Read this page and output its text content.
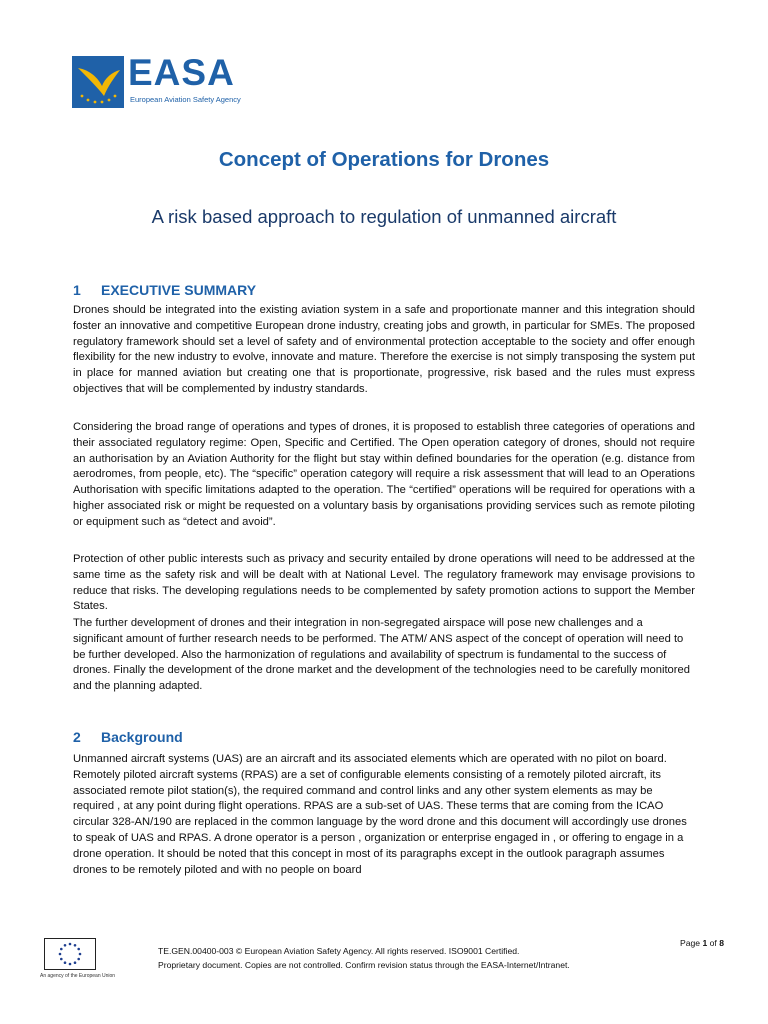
EASA
European Aviation Safety Agency
Concept of Operations for Drones
A risk based approach to regulation of unmanned aircraft
1 EXECUTIVE SUMMARY

Drones should be integrated into the existing aviation system in a safe and proportionate manner and this integration should foster an innovative and competitive European drone industry, creating jobs and growth, in particular for SMEs. The proposed regulatory framework should set a level of safety and of environmental protection acceptable to the society and offer enough flexibility for the new industry to evolve, innovate and mature. Therefore the exercise is not simply transposing the system put in place for manned aviation but creating one that is proportionate, progressive, risk based and the rules must express objectives that will be complemented by industry standards.

Considering the broad range of operations and types of drones, it is proposed to establish three categories of operations and their associated regulatory regime: Open, Specific and Certified. The Open operation category of drones, should not require an authorisation by an Aviation Authority for the flight but stay within defined boundaries for the operation (e.g. distance from aerodromes, from people, etc). The “specific” operation category will require a risk assessment that will lead to an Operations Authorisation with specific limitations adapted to the operation. The “certified” operations will be required for operations with a higher associated risk or might be requested on a voluntary basis by organisations providing services such as remote piloting or equipment such as “detect and avoid”.

Protection of other public interests such as privacy and security entailed by drone operations will need to be addressed at the same time as the safety risk and will be dealt with at National Level. The regulatory framework may envisage provisions to reduce that risks. The developing regulations needs to be complemented by safety promotion actions to support the Member States.

The further development of drones and their integration in non-segregated airspace will pose new challenges and a significant amount of further research needs to be performed. The ATM/ ANS aspect of the concept of operation will need to be further developed. Also the harmonization of regulations and availability of spectrum is fundamental to the success of drones. Finally the development of the drone market and the development of the technologies need to be carefully monitored and the planning adapted.

2 Background

Unmanned aircraft systems (UAS) are an aircraft and its associated elements which are operated with no pilot on board. Remotely piloted aircraft systems (RPAS) are a set of configurable elements consisting of a remotely piloted aircraft, its associated remote pilot station(s), the required command and control links and any other system elements as may be required , at any point during flight operations. RPAS are a sub-set of UAS. These terms that are coming from the ICAO circular 328-AN/190 are replaced in the common language by the word drone and this document will accordingly use drones to speak of UAS and RPAS. A drone operator is a person , organization or enterprise engaged in , or offering to engage in a drone operation. It should be noted that this concept in most of its paragraphs except in the outlook paragraph assumes drones to be remotely piloted and with no people on board

An agency of the European Union
TE.GEN.00400-003 © European Aviation Safety Agency. All rights reserved. ISO9001 Certified.
Proprietary document. Copies are not controlled. Confirm revision status through the EASA-Internet/Intranet.
Page 1 of 8
